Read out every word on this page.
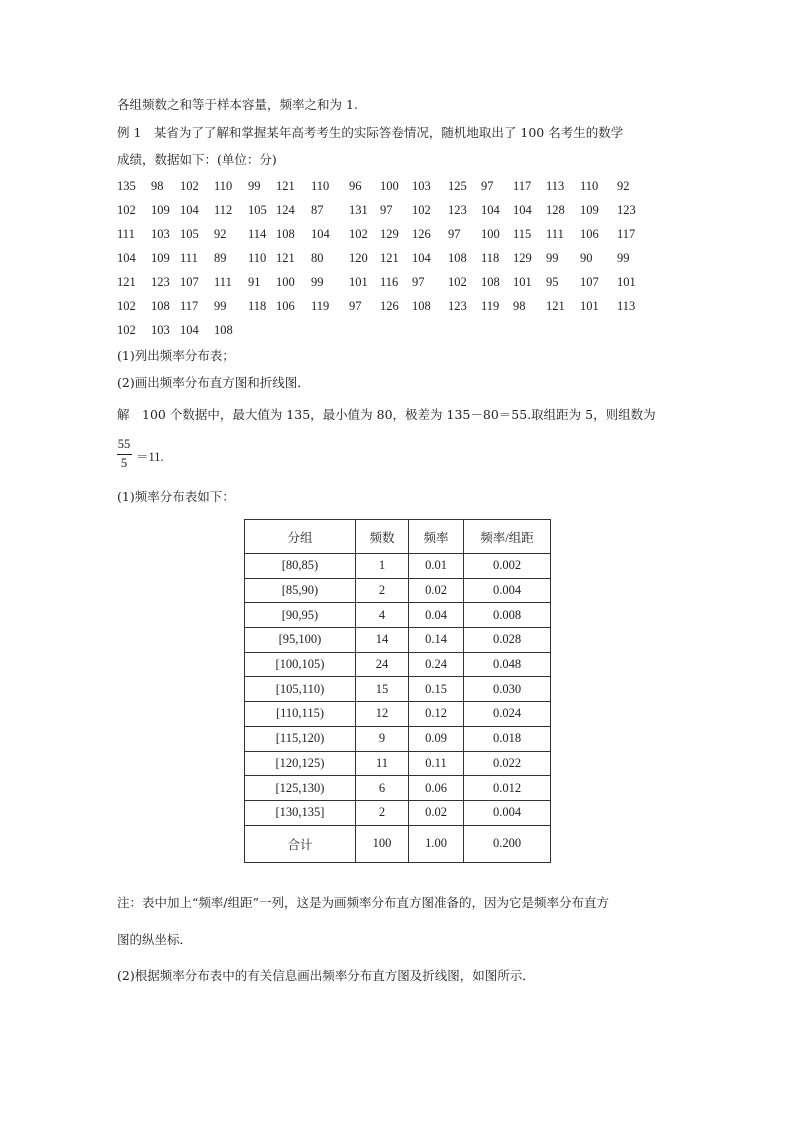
各组频数之和等于样本容量，频率之和为 1.
例 1　某省为了了解和掌握某年高考考生的实际答卷情况，随机地取出了 100 名考生的数学
成绩，数据如下：(单位：分)
135 98 102 110 99 121 110 96 100 103 125 97 117 113 110 92
102 109 104 112 105 124 87 131 97 102 123 104 104 128 109 123
111 103 105 92 114 108 104 102 129 126 97 100 115 111 106 117
104 109 111 89 110 121 80 120 121 104 108 118 129 99 90 99
121 123 107 111 91 100 99 101 116 97 102 108 101 95 107 101
102 108 117 99 118 106 119 97 126 108 123 119 98 121 101 113
102 103 104 108
(1)列出频率分布表；
(2)画出频率分布直方图和折线图．
解　100 个数据中，最大值为 135，最小值为 80，极差为 135－80＝55.取组距为 5，则组数为
55
5 ＝11.
(1)频率分布表如下：
分组	频数	频率	频率/组距
[80,85)	1	0.01	0.002
[85,90)	2	0.02	0.004
[90,95)	4	0.04	0.008
[95,100)	14	0.14	0.028
[100,105)	24	0.24	0.048
[105,110)	15	0.15	0.030
[110,115)	12	0.12	0.024
[115,120)	9	0.09	0.018
[120,125)	11	0.11	0.022
[125,130)	6	0.06	0.012
[130,135]	2	0.02	0.004
合计	100	1.00	0.200
注：表中加上“频率/组距”一列，这是为画频率分布直方图准备的，因为它是频率分布直方
图的纵坐标．
(2)根据频率分布表中的有关信息画出频率分布直方图及折线图，如图所示．
